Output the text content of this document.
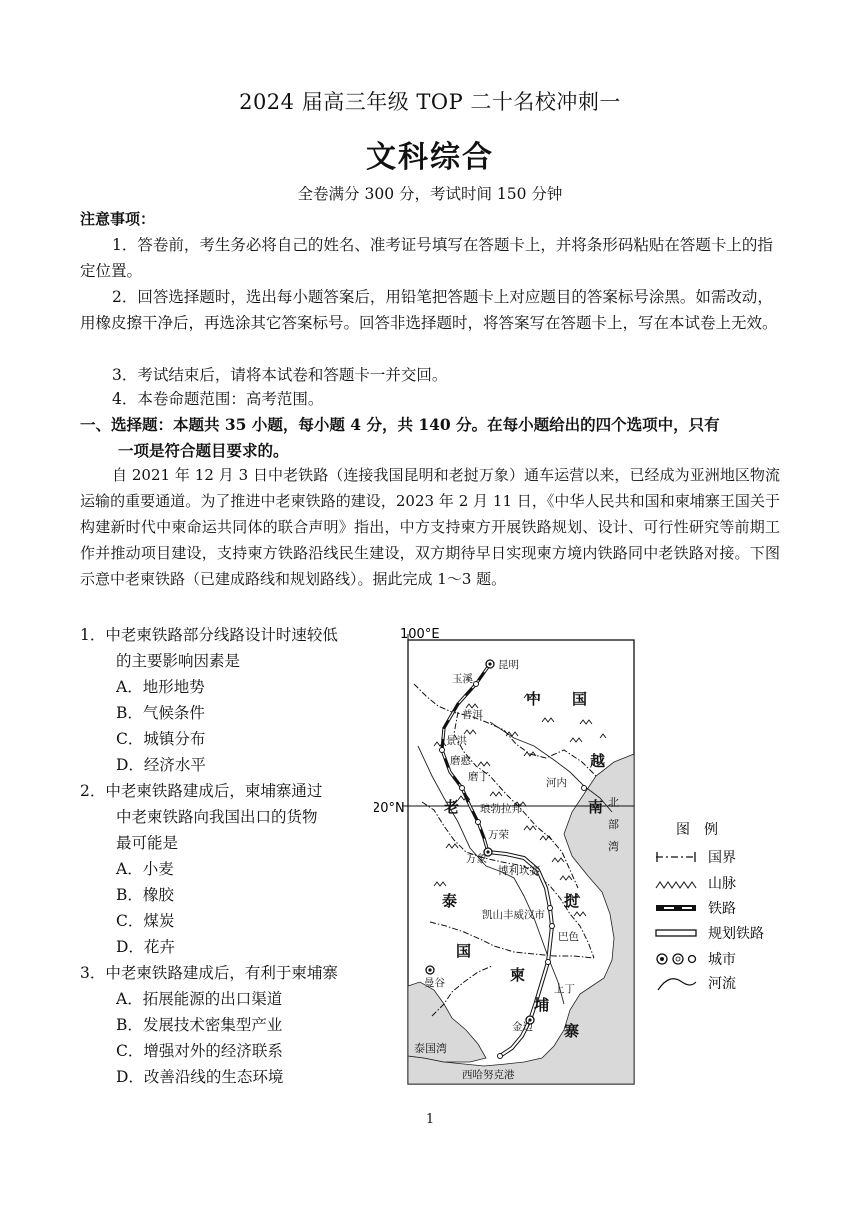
2024 届高三年级 TOP 二十名校冲刺一
文科综合
全卷满分 300 分，考试时间 150 分钟
注意事项：
1．答卷前，考生务必将自己的姓名、准考证号填写在答题卡上，并将条形码粘贴在答题卡上的指定位置。
2．回答选择题时，选出每小题答案后，用铅笔把答题卡上对应题目的答案标号涂黑。如需改动，用橡皮擦干净后，再选涂其它答案标号。回答非选择题时，将答案写在答题卡上，写在本试卷上无效。
3．考试结束后，请将本试卷和答题卡一并交回。
4．本卷命题范围：高考范围。
一、选择题：本题共 35 小题，每小题 4 分，共 140 分。在每小题给出的四个选项中，只有
一项是符合题目要求的。
自 2021 年 12 月 3 日中老铁路（连接我国昆明和老挝万象）通车运营以来，已经成为亚洲地区物流运输的重要通道。为了推进中老柬铁路的建设，2023 年 2 月 11 日，《中华人民共和国和柬埔寨王国关于构建新时代中柬命运共同体的联合声明》指出，中方支持柬方开展铁路规划、设计、可行性研究等前期工作并推动项目建设，支持柬方铁路沿线民生建设，双方期待早日实现柬方境内铁路同中老铁路对接。下图示意中老柬铁路（已建成路线和规划路线）。据此完成 1～3 题。
1．中老柬铁路部分线路设计时速较低
的主要影响因素是
A．地形地势
B．气候条件
C．城镇分布
D．经济水平
2．中老柬铁路建成后，柬埔寨通过
中老柬铁路向我国出口的货物
最可能是
A．小麦
B．橡胶
C．煤炭
D．花卉
3．中老柬铁路建成后，有利于柬埔寨
A．拓展能源的出口渠道
B．发展技术密集型产业
C．增强对外的经济联系
D．改善沿线的生态环境
100°E
20°N
昆明
玉溪
普洱
景洪
磨憨
磨丁	河内
琅勃拉邦
万荣
万象
博利坎赛
凯山丰威汉市
巴色
上丁
金边
曼谷
西哈努克港
中 国
越
南
老
挝
泰
国
柬
埔
寨
北
部
湾
泰国湾
图　例
国界
山脉
铁路
规划铁路
城市
河流
1
